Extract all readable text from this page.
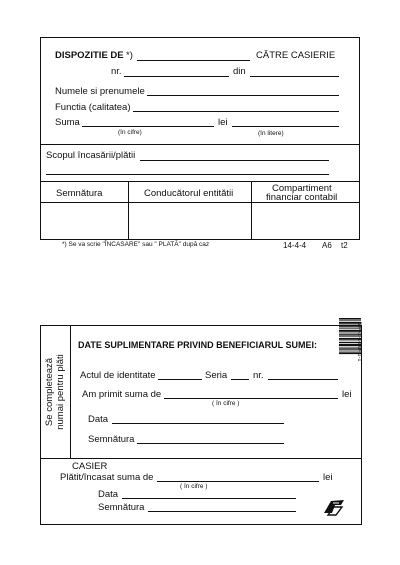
DISPOZITIE DE *)	CĂTRE CASIERIE
nr.	din
Numele si prenumele
Functia (calitatea)
Suma	lei
(în cifre)	(în litere)
Scopul încasării/plătii
Semnătura	Conducătorul entitătii	Compartiment
financiar contabil
*) Se va scrie "ÎNCASARE" sau " PLATĂ" după caz	14-4-4 A6 t2
Se completează numai pentru plăti
DATE SUPLIMENTARE PRIVIND BENEFICIARUL SUMEI:	594-1-1-004 1-1
Actul de identitate	Seria	nr.
Am primit suma de	lei
( în cifre )
Data
Semnătura
CASIER
Plătit/încasat suma de	lei
( în cifre )
Data
Semnătura
